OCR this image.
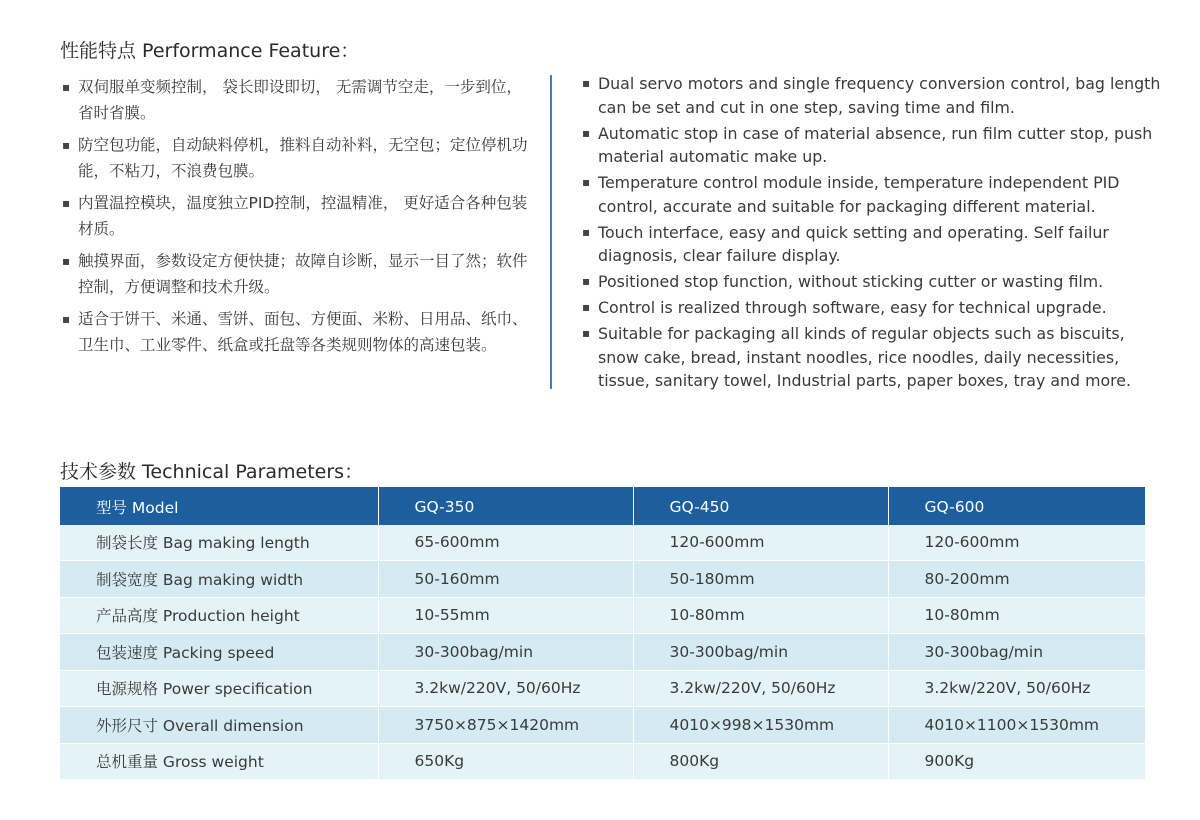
性能特点 Performance Feature：
▪ 双伺服单变频控制， 袋长即设即切， 无需调节空走，一步到位，省时省膜。
▪ 防空包功能，自动缺料停机，推料自动补料，无空包；定位停机功能，不粘刀，不浪费包膜。
▪ 内置温控模块，温度独立PID控制，控温精准， 更好适合各种包装材质。
▪ 触摸界面，参数设定方便快捷；故障自诊断，显示一目了然；软件控制，方便调整和技术升级。
▪ 适合于饼干、米通、雪饼、面包、方便面、米粉、日用品、纸巾、卫生巾、工业零件、纸盒或托盘等各类规则物体的高速包装。
▪ Dual servo motors and single frequency conversion control, bag length can be set and cut in one step, saving time and film.
▪ Automatic stop in case of material absence, run film cutter stop, push material automatic make up.
▪ Temperature control module inside, temperature independent PID control, accurate and suitable for packaging different material.
▪ Touch interface, easy and quick setting and operating. Self failur diagnosis, clear failure display.
▪ Positioned stop function, without sticking cutter or wasting film.
▪ Control is realized through software, easy for technical upgrade.
▪ Suitable for packaging all kinds of regular objects such as biscuits, snow cake, bread, instant noodles, rice noodles, daily necessities, tissue, sanitary towel, Industrial parts, paper boxes, tray and more.
技术参数 Technical Parameters：
型号 Model	GQ-350	GQ-450	GQ-600
制袋长度 Bag making length	65-600mm	120-600mm	120-600mm
制袋宽度 Bag making width	50-160mm	50-180mm	80-200mm
产品高度 Production height	10-55mm	10-80mm	10-80mm
包装速度 Packing speed	30-300bag/min	30-300bag/min	30-300bag/min
电源规格 Power specification	3.2kw/220V, 50/60Hz	3.2kw/220V, 50/60Hz	3.2kw/220V, 50/60Hz
外形尺寸 Overall dimension	3750×875×1420mm	4010×998×1530mm	4010×1100×1530mm
总机重量 Gross weight	650Kg	800Kg	900Kg
